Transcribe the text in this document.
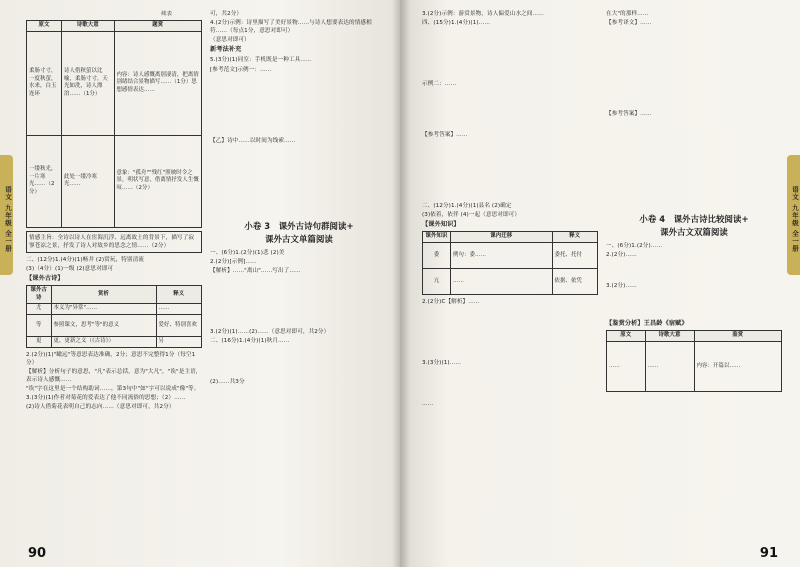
语文 九年级 全一册
续表
原文	诗歌大意	题赏
柔肠寸寸，一度秋萤，水来，白玉连环	诗人借秋萤以比喻，柔肠寸寸，天光如洗，诗人漂泊……（1分）	内容：诗人感慨离别凄清，把离情别绪结合景物描写……（1分）思想感情表达……
一缕秋光，一片寒光……（2分）	此处一缕冷寒光……	意象："孤舟""残红"照映时令之景，明状写意，借离情抒发人生慨叹……（2分）

情感主旨：全诗以诗人在宦海沉浮、远离故土的背景下，描写了寂寥苍凉之景，抒发了诗人对故乡的思念之情……（2分）

二、(12分)1.(4分)(1)畅井 (2)赏玩，特别清流

(3)（4分）(1)一级 (2)意思对即可

【课外古诗】
课外古诗	赏析	释义
尤	本义为"异常"……	……
等	参照课文，思考"等"的意义	爱好、特别喜欢
更	更，更新之义（《古诗》）	另

2.(2分)(1)"瞰远"等意思表达准确，2分；意思不完整得1分（每空1分）

【解析】分析句子的意思，"凡"表示总括，意为"大凡"，"诶"是主语，表示诗人感慨……

"诶"字在这里是一个结构助词……，第3句中"如"字可以说成"像"等。

3.(3分)(1)作者对菊花的爱表达了他不同流俗的思想；（2）……

(2)诗人借菊花表明自己的志向……（意思对即可，共2分）

可，共2分）

4.(2分)示例：诗里描写了美好景物……与诗人想要表达的情感相符……（每点1分，意思对即可）

（意思对即可）

新考法补充

5.(3分)(1)同室：手机既是一种工具……

[参考范文]示例一：……

【乙】诗中……以时间为线索……

小卷 3　课外古诗句群阅读+
课外古文单篇阅读

一、(6分)1.(2分)(1)悲 (2)美

2.(2分)[示例]……

【解析】……"离山"……写出了……

3.(2分)(1)……(2)……（意思对即可，共2分）

二、(16分)1.(4分)(1)秋月……

(2)……共3分

90
语文 九年级 全一册

3.(2分)示例：游赏景物，诗人偏爱山水之间……

四、(15分)1.(4分)(1)……

示例二：……

【参考答案】……

二、(12分)1.(4分)(1)县名 (2)确定

(3)依着，依伴 (4)一起（意思对即可）

【课外知识】
课外知识	课内迁移	释义
委	例句：委……	委托、托付
亢	……	依据、依凭

2.(2分)C【解析】……

3.(3分)(1)……

……

在大"的那样……

【参考译文】……

【参考答案】……

小卷 4　课外古诗比较阅读+
课外古文双篇阅读

一、(6分)1.(2分)……

2.(2分)……

3.(2分)……

【鉴赏分析】王昌龄《宿赋》
原文	诗歌大意	鉴赏
……	……	内容：开篇以……
91
